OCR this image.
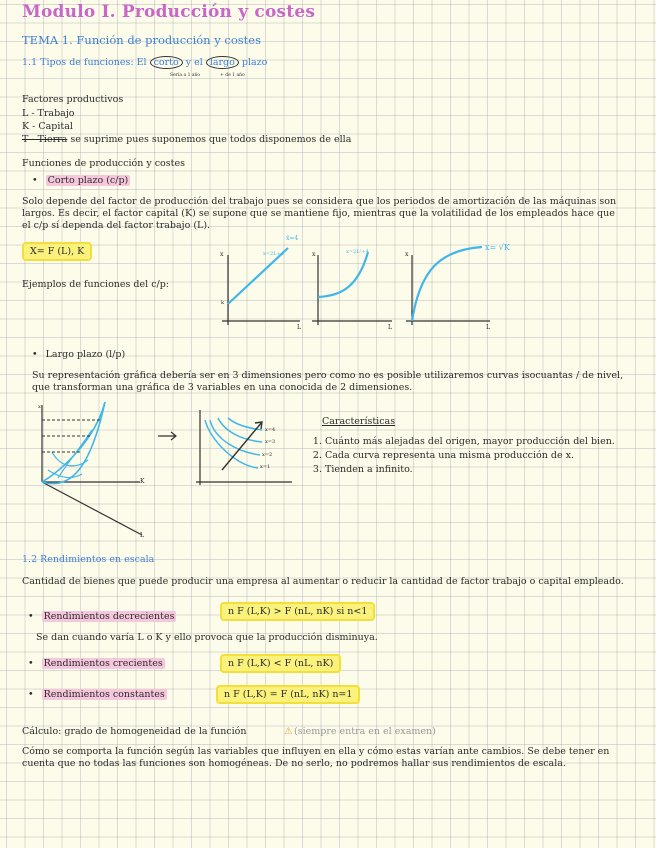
Modulo I. Producción y costes
TEMA 1. Función de producción y costes
1.1 Tipos de funciones: El corto y el largo plazo
Sería a 1 año	+ de 1 año
Factores productivos
L - Trabajo
K - Capital
T - Tierra se suprime pues suponemos que todos disponemos de ella
Funciones de producción y costes
• Corto plazo (c/p)
Solo depende del factor de producción del trabajo pues se considera que los periodos de amortización de las máquinas son largos. Es decir, el factor capital (K) se supone que se mantiene fijo, mientras que la volatilidad de los empleados hace que el c/p sí dependa del factor trabajo (L).
X= F (L), K
Ejemplos de funciones del c/p:
x̄=4
x=2L+4	x=2L²+4	x= √K
x	x	x
L	L	L
k
• Largo plazo (l/p)
Su representación gráfica debería ser en 3 dimensiones pero como no es posible utilizaremos curvas isocuantas / de nivel, que transforman una gráfica de 3 variables en una conocida de 2 dimensiones.
x
K
L
x=4
x=3
x=2
x=1
Características
1. Cuánto más alejadas del origen, mayor producción del bien.
2. Cada curva representa una misma producción de x.
3. Tienden a infinito.
1.2 Rendimientos en escala
Cantidad de bienes que puede producir una empresa al aumentar o reducir la cantidad de factor trabajo o capital empleado.
• Rendimientos decrecientes	n F (L,K) > F (nL, nK) si n<1
Se dan cuando varía L o K y ello provoca que la producción disminuya.
• Rendimientos crecientes	n F (L,K) < F (nL, nK)
• Rendimientos constantes	n F (L,K) = F (nL, nK) n=1
Cálculo: grado de homogeneidad de la función	⚠ (siempre entra en el examen)
Cómo se comporta la función según las variables que influyen en ella y cómo estas varían ante cambios. Se debe tener en cuenta que no todas las funciones son homogéneas. De no serlo, no podremos hallar sus rendimientos de escala.
